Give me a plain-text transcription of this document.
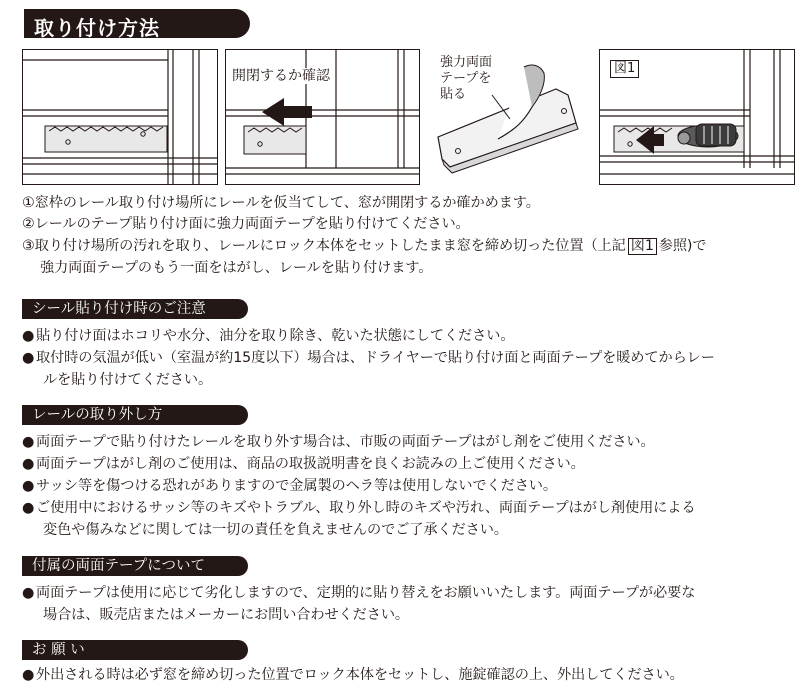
取り付け方法
開閉するか確認
強力両面
テープを
貼る
図1
①窓枠のレール取り付け場所にレールを仮当てして、窓が開閉するか確かめます。
②レールのテープ貼り付け面に強力両面テープを貼り付けてください。
③取り付け場所の汚れを取り、レールにロック本体をセットしたまま窓を締め切った位置（上記 図1 参照)で
強力両面テープのもう一面をはがし、レールを貼り付けます。
シール貼り付け時のご注意
● 貼り付け面はホコリや水分、油分を取り除き、乾いた状態にしてください。
● 取付時の気温が低い（室温が約15度以下）場合は、ドライヤーで貼り付け面と両面テープを暖めてからレー
ルを貼り付けてください。
レールの取り外し方
● 両面テープで貼り付けたレールを取り外す場合は、市販の両面テープはがし剤をご使用ください。
● 両面テープはがし剤のご使用は、商品の取扱説明書を良くお読みの上ご使用ください。
● サッシ等を傷つける恐れがありますので金属製のヘラ等は使用しないでください。
● ご使用中におけるサッシ等のキズやトラブル、取り外し時のキズや汚れ、両面テープはがし剤使用による
変色や傷みなどに関しては一切の責任を負えませんのでご了承ください。
付属の両面テープについて
● 両面テープは使用に応じて劣化しますので、定期的に貼り替えをお願いいたします。両面テープが必要な
場合は、販売店またはメーカーにお問い合わせください。
お 願 い
● 外出される時は必ず窓を締め切った位置でロック本体をセットし、施錠確認の上、外出してください。
